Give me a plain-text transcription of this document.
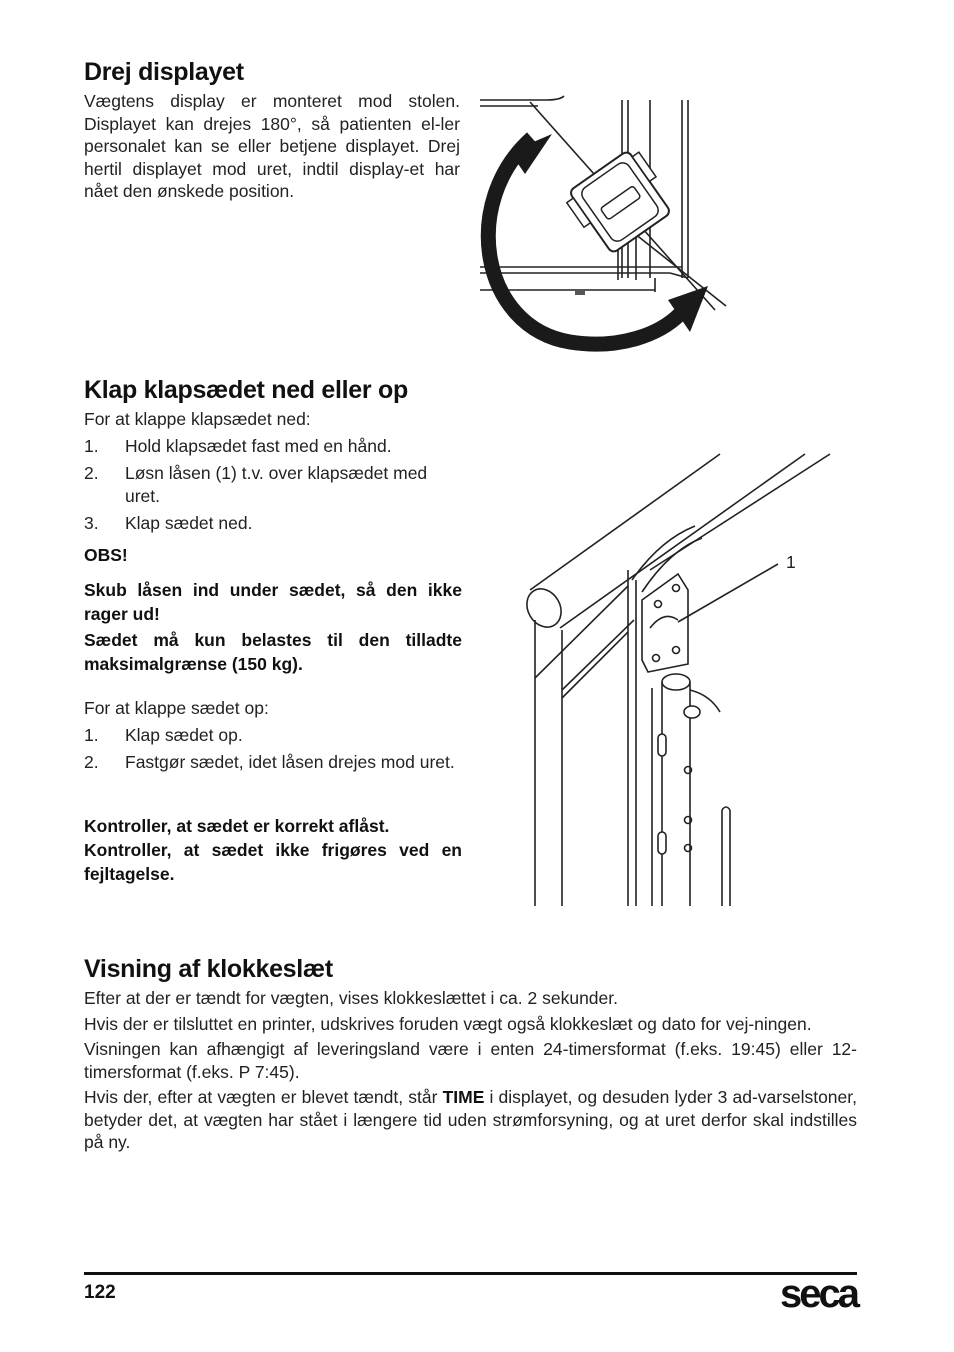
Drej displayet

Vægtens display er monteret mod stolen. Displayet kan drejes 180°, så patienten el-ler personalet kan se eller betjene displayet. Drej hertil displayet mod uret, indtil display-et har nået den ønskede position.

Klap klapsædet ned eller op

For at klappe klapsædet ned:

1. Hold klapsædet fast med en hånd.
2. Løsn låsen (1) t.v. over klapsædet med uret.
3. Klap sædet ned.

OBS!

Skub låsen ind under sædet, så den ikke rager ud!

Sædet må kun belastes til den tilladte maksimalgrænse (150 kg).

For at klappe sædet op:

1. Klap sædet op.
2. Fastgør sædet, idet låsen drejes mod uret.

Kontroller, at sædet er korrekt aflåst.

Kontroller, at sædet ikke frigøres ved en fejltagelse.

1
Visning af klokkeslæt

Efter at der er tændt for vægten, vises klokkeslættet i ca. 2 sekunder.

Hvis der er tilsluttet en printer, udskrives foruden vægt også klokkeslæt og dato for vej-ningen.

Visningen kan afhængigt af leveringsland være i enten 24-timersformat (f.eks. 19:45) eller 12-timersformat (f.eks. P 7:45).

Hvis der, efter at vægten er blevet tændt, står TIME i displayet, og desuden lyder 3 ad-varselstoner, betyder det, at vægten har stået i længere tid uden strømforsyning, og at uret derfor skal indstilles på ny.

122	seca
